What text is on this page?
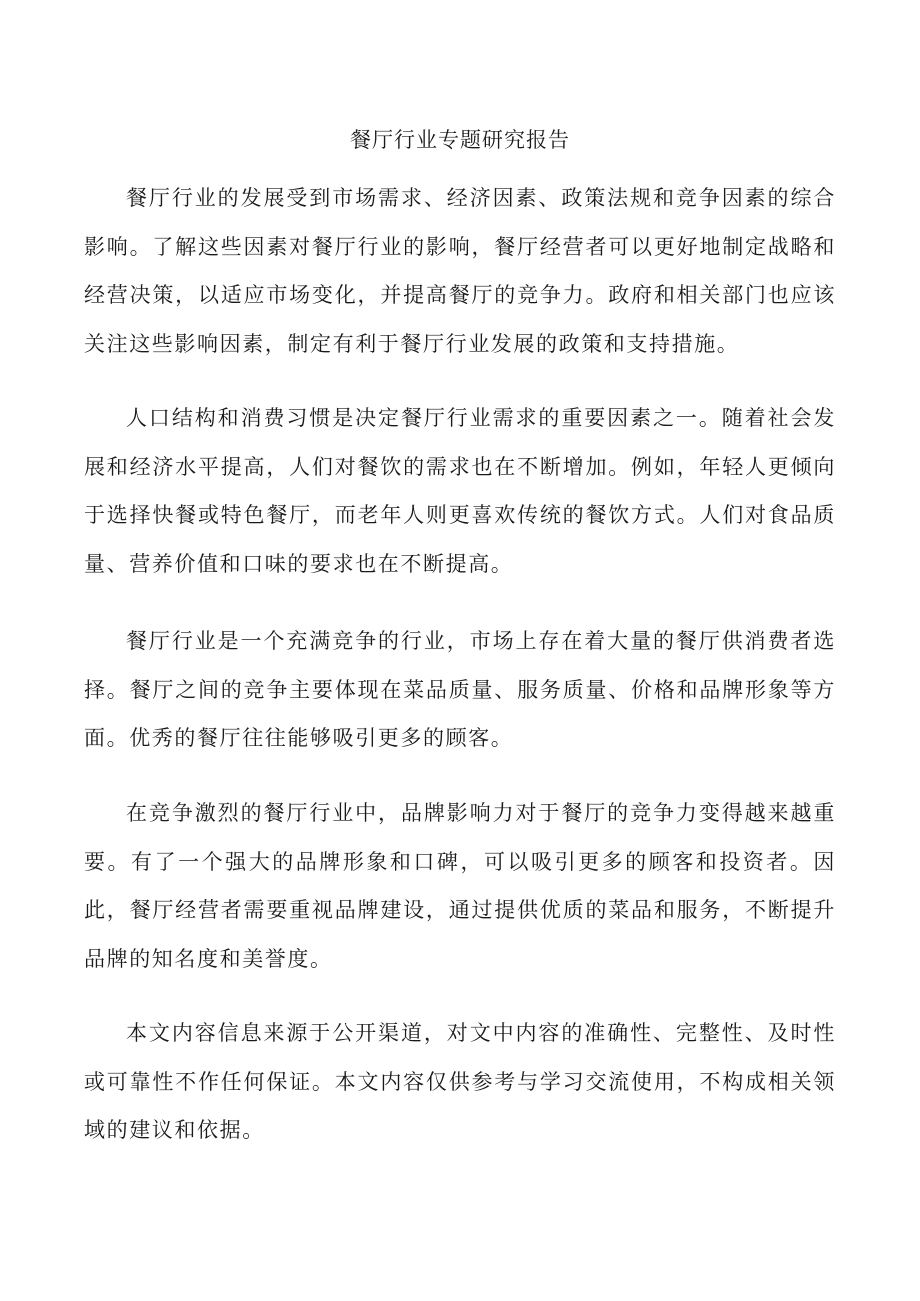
餐厅行业专题研究报告

餐厅行业的发展受到市场需求、经济因素、政策法规和竞争因素的综合影响。了解这些因素对餐厅行业的影响，餐厅经营者可以更好地制定战略和经营决策，以适应市场变化，并提高餐厅的竞争力。政府和相关部门也应该关注这些影响因素，制定有利于餐厅行业发展的政策和支持措施。

人口结构和消费习惯是决定餐厅行业需求的重要因素之一。随着社会发展和经济水平提高，人们对餐饮的需求也在不断增加。例如，年轻人更倾向于选择快餐或特色餐厅，而老年人则更喜欢传统的餐饮方式。人们对食品质量、营养价值和口味的要求也在不断提高。

餐厅行业是一个充满竞争的行业，市场上存在着大量的餐厅供消费者选择。餐厅之间的竞争主要体现在菜品质量、服务质量、价格和品牌形象等方面。优秀的餐厅往往能够吸引更多的顾客。

在竞争激烈的餐厅行业中，品牌影响力对于餐厅的竞争力变得越来越重要。有了一个强大的品牌形象和口碑，可以吸引更多的顾客和投资者。因此，餐厅经营者需要重视品牌建设，通过提供优质的菜品和服务，不断提升品牌的知名度和美誉度。

本文内容信息来源于公开渠道，对文中内容的准确性、完整性、及时性或可靠性不作任何保证。本文内容仅供参考与学习交流使用，不构成相关领域的建议和依据。
